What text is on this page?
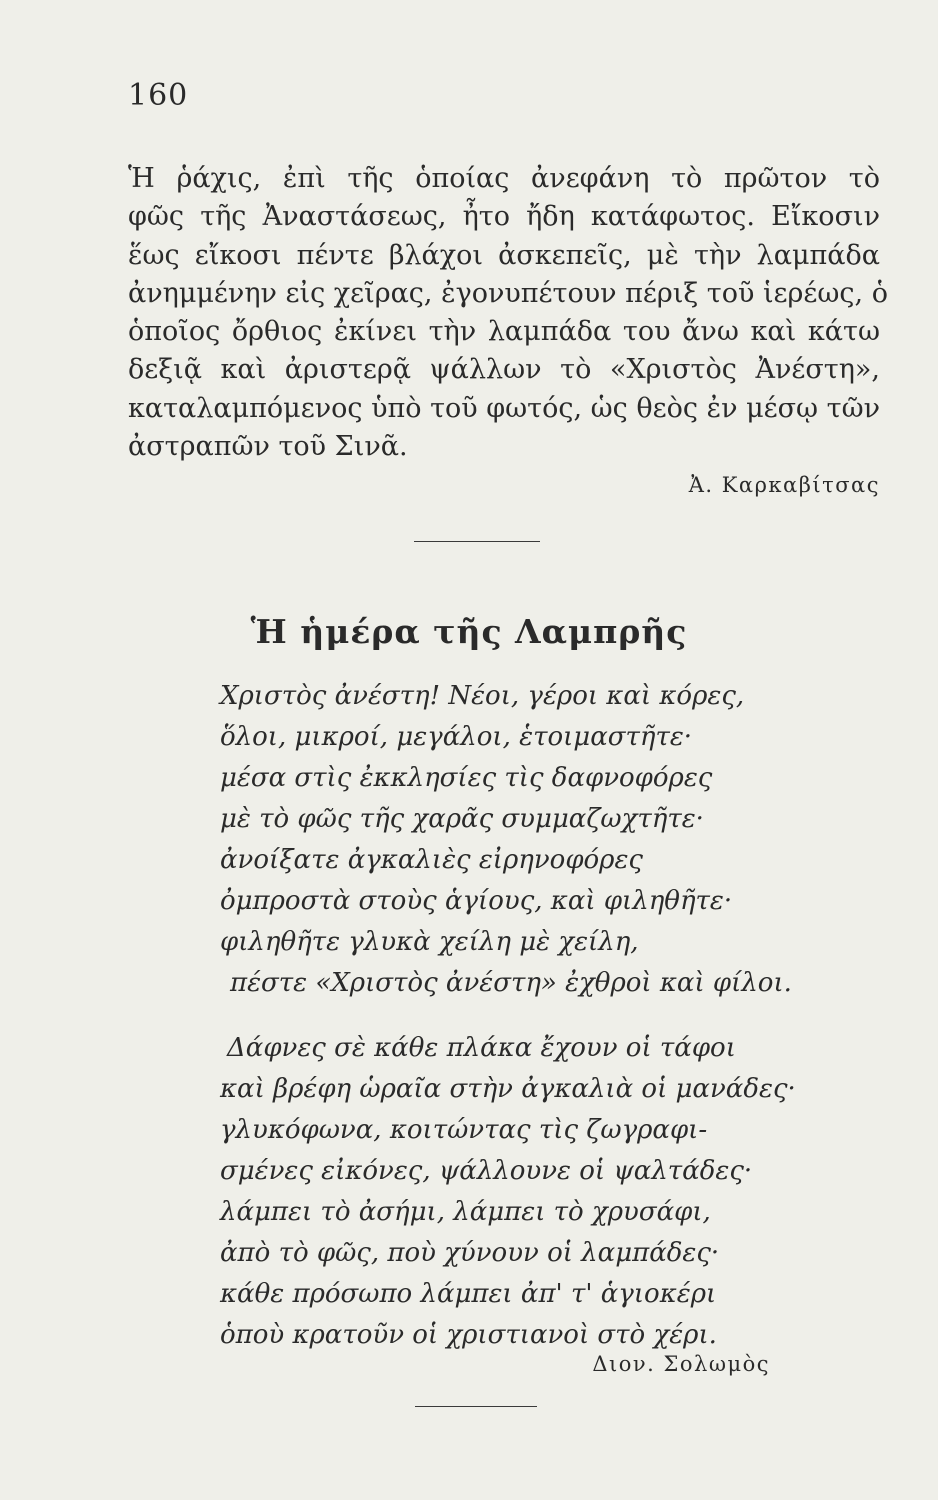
160
Ἡ ῥάχις, ἐπὶ τῆς ὁποίας ἀνεφάνη τὸ πρῶτον τὸ
φῶς τῆς Ἀναστάσεως, ἦτο ἤδη κατάφωτος. Εἴκοσιν
ἕως εἴκοσι πέντε βλάχοι ἀσκεπεῖς, μὲ τὴν λαμπάδα
ἀνημμένην εἰς χεῖρας, ἐγονυπέτουν πέριξ τοῦ ἱερέως, ὁ
ὁποῖος ὄρθιος ἐκίνει τὴν λαμπάδα του ἄνω καὶ κάτω
δεξιᾷ καὶ ἀριστερᾷ ψάλλων τὸ «Χριστὸς Ἀνέστη»,
καταλαμπόμενος ὑπὸ τοῦ φωτός, ὡς θεὸς ἐν μέσῳ τῶν
ἀστραπῶν τοῦ Σινᾶ.
Ἀ. Καρκαβίτσας
Ἡ ἡμέρα τῆς Λαμπρῆς
Χριστὸς ἀνέστη! Νέοι, γέροι καὶ κόρες,
ὅλοι, μικροί, μεγάλοι, ἑτοιμαστῆτε·
μέσα στὶς ἐκκλησίες τὶς δαφνοφόρες
μὲ τὸ φῶς τῆς χαρᾶς συμμαζωχτῆτε·
ἀνοίξατε ἀγκαλιὲς εἰρηνοφόρες
ὀμπροστὰ στοὺς ἁγίους, καὶ φιληθῆτε·
φιληθῆτε γλυκὰ χείλη μὲ χείλη,
πέστε «Χριστὸς ἀνέστη» ἐχθροὶ καὶ φίλοι.
Δάφνες σὲ κάθε πλάκα ἔχουν οἱ τάφοι
καὶ βρέφη ὡραῖα στὴν ἀγκαλιὰ οἱ μανάδες·
γλυκόφωνα, κοιτώντας τὶς ζωγραφι-
σμένες εἰκόνες, ψάλλουνε οἱ ψαλτάδες·
λάμπει τὸ ἀσήμι, λάμπει τὸ χρυσάφι,
ἀπὸ τὸ φῶς, ποὺ χύνουν οἱ λαμπάδες·
κάθε πρόσωπο λάμπει ἀπ' τ' ἁγιοκέρι
ὁποὺ κρατοῦν οἱ χριστιανοὶ στὸ χέρι.
Διον. Σολωμὸς
